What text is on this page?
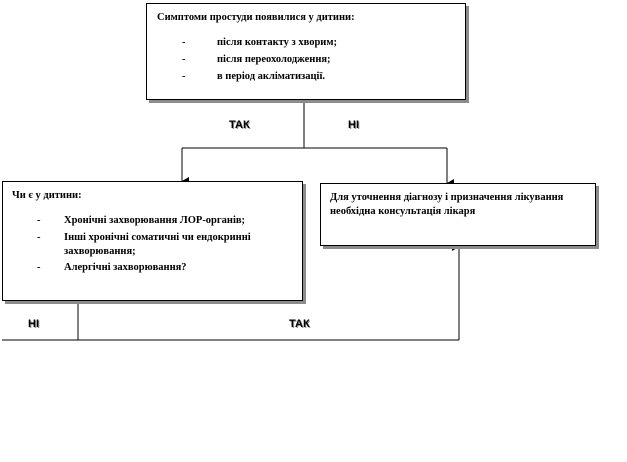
Симптоми простуди появилися у дитини:

-	після контакту з хворим;
-	після переохолодження;
-	в період акліматизації.

Чи є у дитини:

- Хронічні захворювання ЛОР-органів;
- Інші хронічні соматичні чи ендокринні захворювання;
- Алергічні захворювання?
Для уточнення діагнозу і призначення лікування необхідна консультація лікаря
ТАК	НІ
НІ	ТАК
